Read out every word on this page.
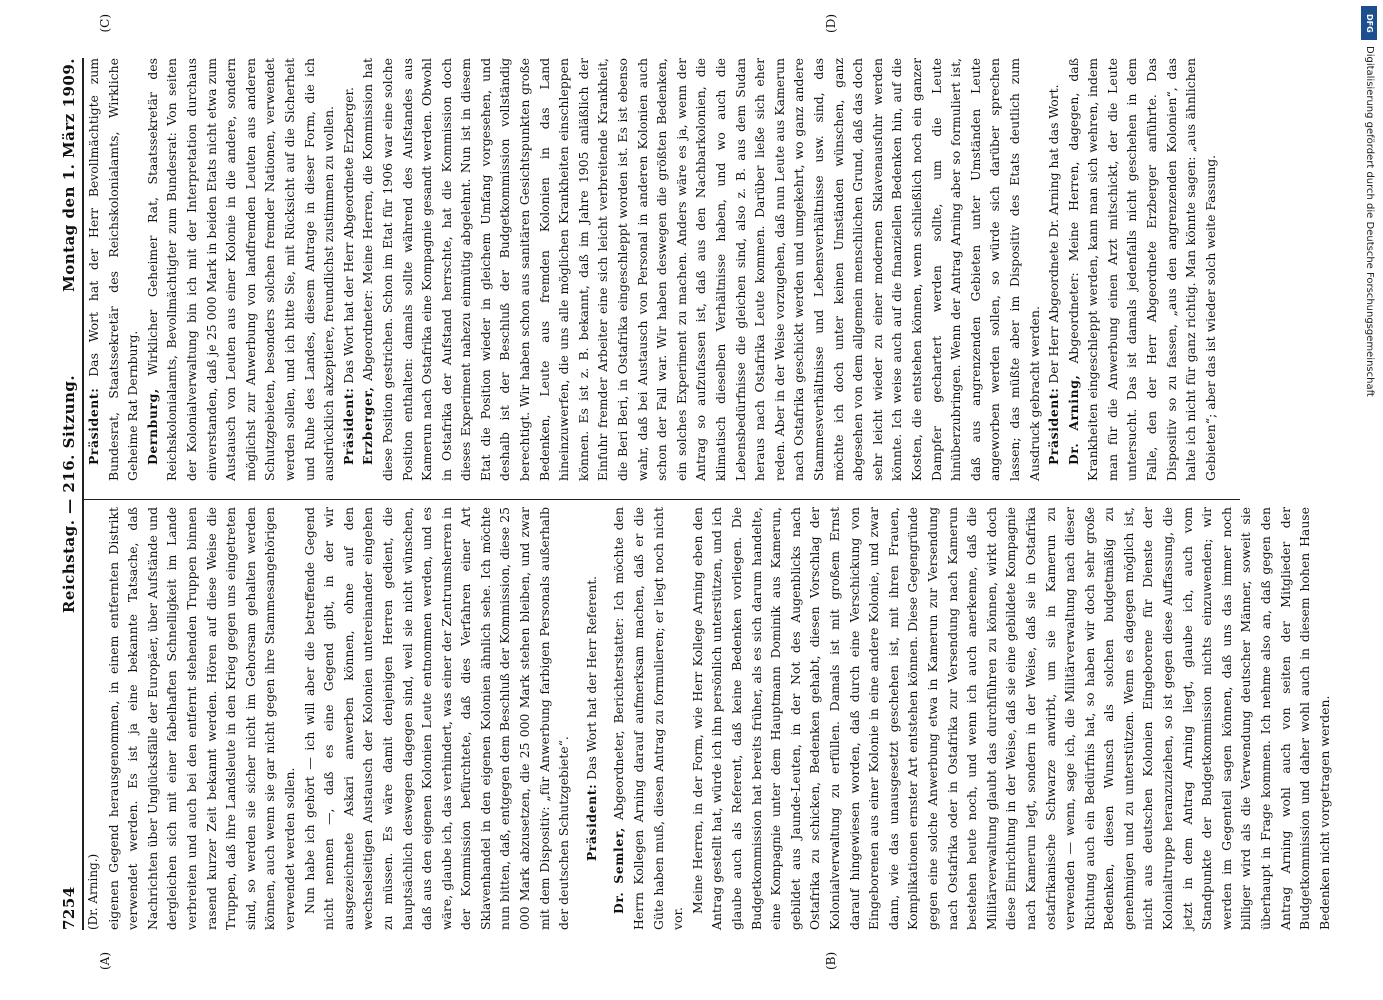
7254
Reichstag. — 216. Sitzung.
Montag den 1. März 1909.
(A)	(B)

(Dr. Arning.) eigenen Gegend herausgenommen, in einem entfernten Distrikt verwendet werden. Es ist ja eine bekannte Tatsache, daß Nachrichten über Unglücksfälle der Europäer, über Aufstände und dergleichen sich mit einer fabelhaften Schnelligkeit im Lande verbreiten und auch bei den entfernt stehenden Truppen binnen rasend kurzer Zeit bekannt werden. Hören auf diese Weise die Truppen, daß ihre Landsleute in den Krieg gegen uns eingetreten sind, so werden sie sicher nicht im Gehorsam gehalten werden können, auch wenn sie gar nicht gegen ihre Stammesangehörigen verwendet werden sollen. Nun habe ich gehört — ich will aber die betreffende Gegend nicht nennen —, daß es eine Gegend gibt, in der wir ausgezeichnete Askari anwerben können, ohne auf den wechselseitigen Austausch der Kolonien untereinander eingehen zu müssen. Es wäre damit denjenigen Herren gedient, die hauptsächlich deswegen dagegen sind, weil sie nicht wünschen, daß aus den eigenen Kolonien Leute entnommen werden, und es wäre, glaube ich, das verhindert, was einer der Zentrumsherren in der Kommission befürchtete, daß dies Verfahren einer Art Sklavenhandel in den eigenen Kolonien ähnlich sehe. Ich möchte nun bitten, daß, entgegen dem Beschluß der Kommission, diese 25 000 Mark abzusetzen, die 25 000 Mark stehen bleiben, und zwar mit dem Dispositiv: „für Anwerbung farbigen Personals außerhalb der deutschen Schutzgebiete“. Präsident: Das Wort hat der Herr Referent.

Dr. Semler, Abgeordneter, Berichterstatter: Ich möchte den Herrn Kollegen Arning darauf aufmerksam machen, daß er die Güte haben muß, diesen Antrag zu formulieren; er liegt noch nicht vor.

Meine Herren, in der Form, wie Herr Kollege Arning eben den Antrag gestellt hat, würde ich ihn persönlich unterstützen, und ich glaube auch als Referent, daß keine Bedenken vorliegen. Die Budgetkommission hat bereits früher, als es sich darum handelte, eine Kompagnie unter dem Hauptmann Dominik aus Kamerun, gebildet aus Jaunde-Leuten, in der Not des Augenblicks nach Ostafrika zu schicken, Bedenken gehabt, diesen Vorschlag der Kolonialverwaltung zu erfüllen. Damals ist mit großem Ernst darauf hingewiesen worden, daß durch eine Verschickung von Eingeborenen aus einer Kolonie in eine andere Kolonie, und zwar dann, wie das unausgesetzt geschehen ist, mit ihren Frauen, Komplikationen ernster Art entstehen können. Diese Gegengründe gegen eine solche Anwerbung etwa in Kamerun zur Versendung nach Ostafrika oder in Ostafrika zur Versendung nach Kamerun bestehen heute noch, und wenn ich auch anerkenne, daß die Militärverwaltung glaubt das durchführen zu können, wirkt doch diese Einrichtung in der Weise, daß sie eine gebildete Kompagnie nach Kamerun legt, sondern in der Weise, daß sie in Ostafrika ostafrikanische Schwarze anwirbt, um sie in Kamerun zu verwenden — wenn, sage ich, die Militärverwaltung nach dieser Richtung auch ein Bedürfnis hat, so haben wir doch sehr große Bedenken, diesen Wunsch als solchen budgetmäßig zu genehmigen und zu unterstützen. Wenn es dagegen möglich ist, nicht aus deutschen Kolonien Eingeborene für Dienste der Kolonialtruppe heranzuziehen, so ist gegen diese Auffassung, die jetzt in dem Antrag Arning liegt, glaube ich, auch vom Standpunkte der Budgetkommission nichts einzuwenden; wir werden im Gegenteil sagen können, daß uns das immer noch billiger wird als die Verwendung deutscher Männer, soweit sie überhaupt in Frage kommen. Ich nehme also an, daß gegen den Antrag Arning wohl auch von seiten der Mitglieder der Budgetkommission und daher wohl auch in diesem hohen Hause Bedenken nicht vorgetragen werden.

(C)	(D)

Präsident: Das Wort hat der Herr Bevollmächtigte zum Bundesrat, Staatssekretär des Reichskolonialamts, Wirkliche Geheime Rat Dernburg. Dernburg, Wirklicher Geheimer Rat, Staatssekretär des Reichskolonialamts, Bevollmächtigter zum Bundesrat: Von seiten der Kolonialverwaltung bin ich mit der Interpretation durchaus einverstanden, daß je 25 000 Mark in beiden Etats nicht etwa zum Austausch von Leuten aus einer Kolonie in die andere, sondern möglichst zur Anwerbung von landfremden Leuten aus anderen Schutzgebieten, besonders solchen fremder Nationen, verwendet werden sollen, und ich bitte Sie, mit Rücksicht auf die Sicherheit und Ruhe des Landes, diesem Antrage in dieser Form, die ich ausdrücklich akzeptiere, freundlichst zustimmen zu wollen. Präsident: Das Wort hat der Herr Abgeordnete Erzberger.

Erzberger, Abgeordneter: Meine Herren, die Kommission hat diese Position gestrichen. Schon im Etat für 1906 war eine solche Position enthalten: damals sollte während des Aufstandes aus Kamerun nach Ostafrika eine Kompagnie gesandt werden. Obwohl in Ostafrika der Aufstand herrschte, hat die Kommission doch dieses Experiment nahezu einmütig abgelehnt. Nun ist in diesem Etat die Position wieder in gleichem Umfang vorgesehen, und deshalb ist der Beschluß der Budgetkommission vollständig berechtigt. Wir haben schon aus sanitären Gesichtspunkten große Bedenken, Leute aus fremden Kolonien in das Land hineinzuwerfen, die uns alle möglichen Krankheiten einschleppen können. Es ist z. B. bekannt, daß im Jahre 1905 anläßlich der Einfuhr fremder Arbeiter eine sich leicht verbreitende Krankheit, die Beri Beri, in Ostafrika eingeschleppt worden ist. Es ist ebenso wahr, daß bei Austausch von Personal in anderen Kolonien auch schon der Fall war. Wir haben deswegen die größten Bedenken, ein solches Experiment zu machen. Anders wäre es ja, wenn der Antrag so aufzufassen ist, daß aus den Nachbarkolonien, die klimatisch dieselben Verhältnisse haben, und wo auch die Lebensbedürfnisse die gleichen sind, also z. B. aus dem Sudan heraus nach Ostafrika Leute kommen. Darüber ließe sich eher reden. Aber in der Weise vorzugehen, daß nun Leute aus Kamerun nach Ostafrika geschickt werden und umgekehrt, wo ganz andere Stammesverhältnisse und Lebensverhältnisse usw. sind, das möchte ich doch unter keinen Umständen wünschen, ganz abgesehen von dem allgemein menschlichen Grund, daß das doch sehr leicht wieder zu einer modernen Sklavenausfuhr werden könnte. Ich weise auch auf die finanziellen Bedenken hin, auf die Kosten, die entstehen können, wenn schließlich noch ein ganzer Dampfer gechartert werden sollte, um die Leute hinüberzubringen. Wenn der Antrag Arning aber so formuliert ist, daß aus angrenzenden Gebieten unter Umständen Leute angeworben werden sollen, so würde sich darüber sprechen lassen; das müßte aber im Dispositiv des Etats deutlich zum Ausdruck gebracht werden. Präsident: Der Herr Abgeordnete Dr. Arning hat das Wort.

Dr. Arning, Abgeordneter: Meine Herren, dagegen, daß Krankheiten eingeschleppt werden, kann man sich wehren, indem man für die Anwerbung einen Arzt mitschickt, der die Leute untersucht. Das ist damals jedenfalls nicht geschehen in dem Falle, den der Herr Abgeordnete Erzberger anführte. Das Dispositiv so zu fassen, „aus den angrenzenden Kolonien“, das halte ich nicht für ganz richtig. Man könnte sagen: „aus ähnlichen Gebieten“; aber das ist wieder solch weite Fassung.

DFG
Digitalisierung gefördert durch die Deutsche Forschungsgemeinschaft
